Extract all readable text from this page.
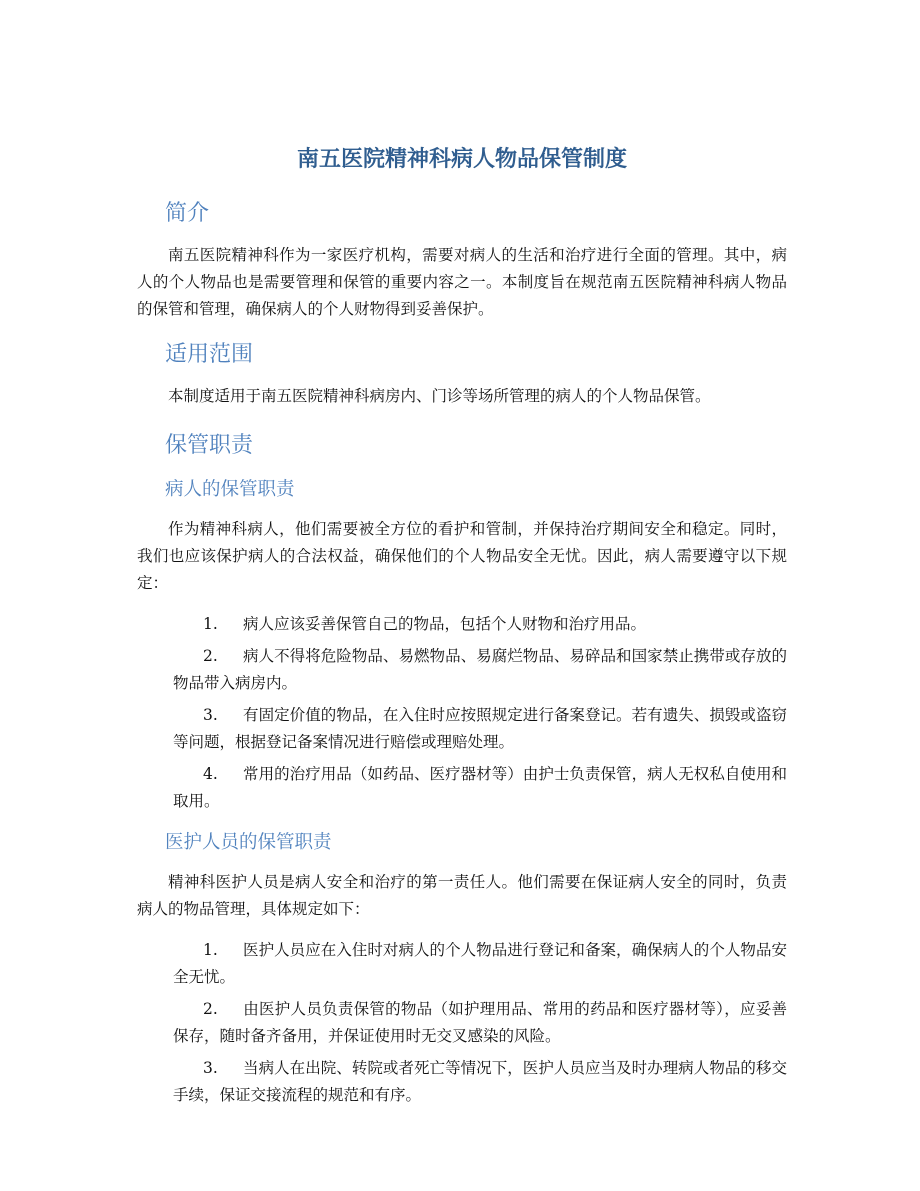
南五医院精神科病人物品保管制度
简介

南五医院精神科作为一家医疗机构，需要对病人的生活和治疗进行全面的管理。其中，病人的个人物品也是需要管理和保管的重要内容之一。本制度旨在规范南五医院精神科病人物品的保管和管理，确保病人的个人财物得到妥善保护。

适用范围

本制度适用于南五医院精神科病房内、门诊等场所管理的病人的个人物品保管。

保管职责
病人的保管职责

作为精神科病人，他们需要被全方位的看护和管制，并保持治疗期间安全和稳定。同时，我们也应该保护病人的合法权益，确保他们的个人物品安全无忧。因此，病人需要遵守以下规定：

1. 病人应该妥善保管自己的物品，包括个人财物和治疗用品。
2. 病人不得将危险物品、易燃物品、易腐烂物品、易碎品和国家禁止携带或存放的物品带入病房内。
3. 有固定价值的物品，在入住时应按照规定进行备案登记。若有遗失、损毁或盗窃等问题，根据登记备案情况进行赔偿或理赔处理。
4. 常用的治疗用品（如药品、医疗器材等）由护士负责保管，病人无权私自使用和取用。
医护人员的保管职责

精神科医护人员是病人安全和治疗的第一责任人。他们需要在保证病人安全的同时，负责病人的物品管理，具体规定如下：

1. 医护人员应在入住时对病人的个人物品进行登记和备案，确保病人的个人物品安全无忧。
2. 由医护人员负责保管的物品（如护理用品、常用的药品和医疗器材等），应妥善保存，随时备齐备用，并保证使用时无交叉感染的风险。
3. 当病人在出院、转院或者死亡等情况下，医护人员应当及时办理病人物品的移交手续，保证交接流程的规范和有序。
